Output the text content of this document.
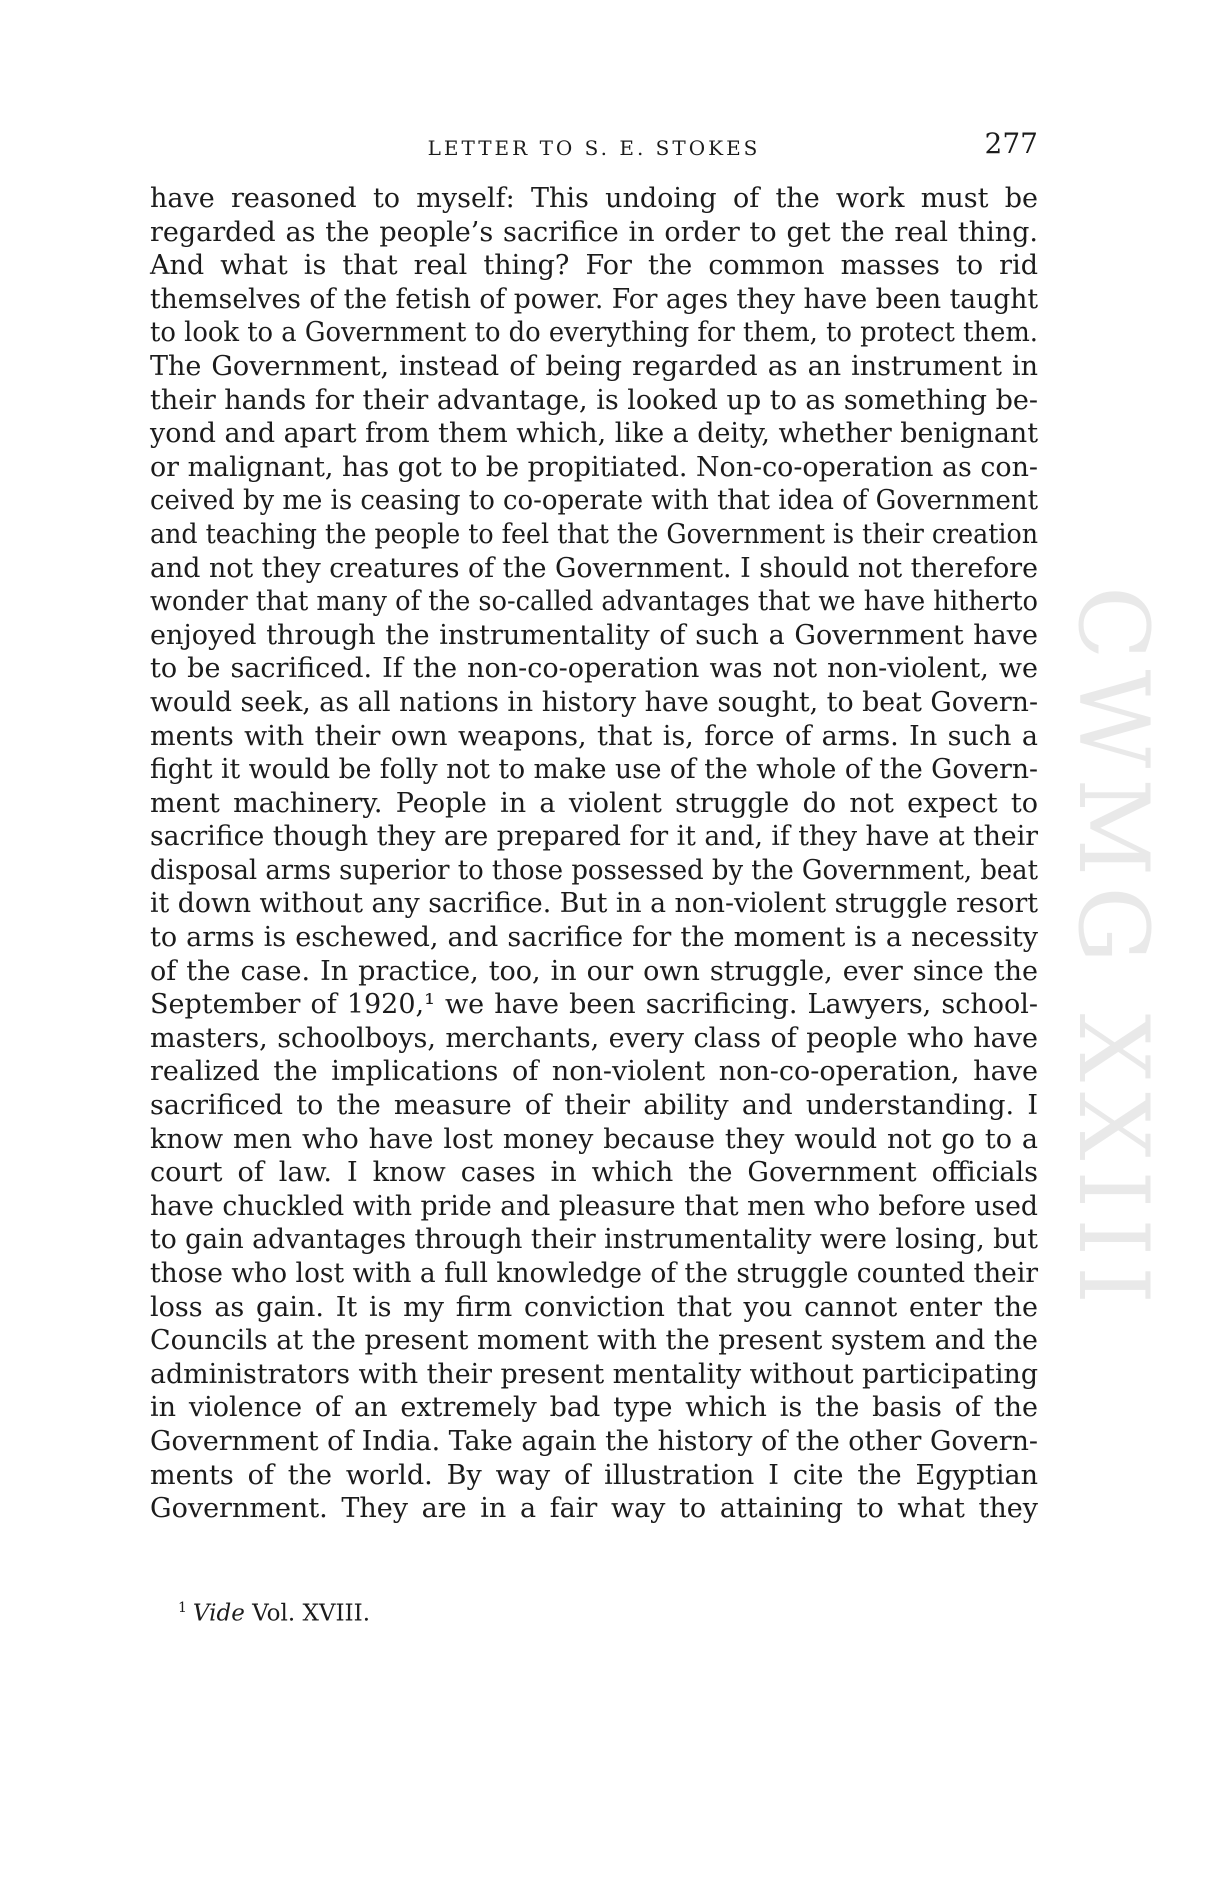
CWMG XXIII
LETTER TO S. E. STOKES	277
have reasoned to myself: This undoing of the work must be
regarded as the people’s sacrifice in order to get the real thing.
And what is that real thing? For the common masses to rid
themselves of the fetish of power. For ages they have been taught
to look to a Government to do everything for them, to protect them.
The Government, instead of being regarded as an instrument in
their hands for their advantage, is looked up to as something be-
yond and apart from them which, like a deity, whether benignant
or malignant, has got to be propitiated. Non-co-operation as con-
ceived by me is ceasing to co-operate with that idea of Government
and teaching the people to feel that the Government is their creation
and not they creatures of the Government. I should not therefore
wonder that many of the so-called advantages that we have hitherto
enjoyed through the instrumentality of such a Government have
to be sacrificed. If the non-co-operation was not non-violent, we
would seek, as all nations in history have sought, to beat Govern-
ments with their own weapons, that is, force of arms. In such a
fight it would be folly not to make use of the whole of the Govern-
ment machinery. People in a violent struggle do not expect to
sacrifice though they are prepared for it and, if they have at their
disposal arms superior to those possessed by the Government, beat
it down without any sacrifice. But in a non-violent struggle resort
to arms is eschewed, and sacrifice for the moment is a necessity
of the case. In practice, too, in our own struggle, ever since the
September of 1920,¹ we have been sacrificing. Lawyers, school-
masters, schoolboys, merchants, every class of people who have
realized the implications of non-violent non-co-operation, have
sacrificed to the measure of their ability and understanding. I
know men who have lost money because they would not go to a
court of law. I know cases in which the Government officials
have chuckled with pride and pleasure that men who before used
to gain advantages through their instrumentality were losing, but
those who lost with a full knowledge of the struggle counted their
loss as gain. It is my firm conviction that you cannot enter the
Councils at the present moment with the present system and the
administrators with their present mentality without participating
in violence of an extremely bad type which is the basis of the
Government of India. Take again the history of the other Govern-
ments of the world. By way of illustration I cite the Egyptian
Government. They are in a fair way to attaining to what they
$^1$ Vide Vol. XVIII.
